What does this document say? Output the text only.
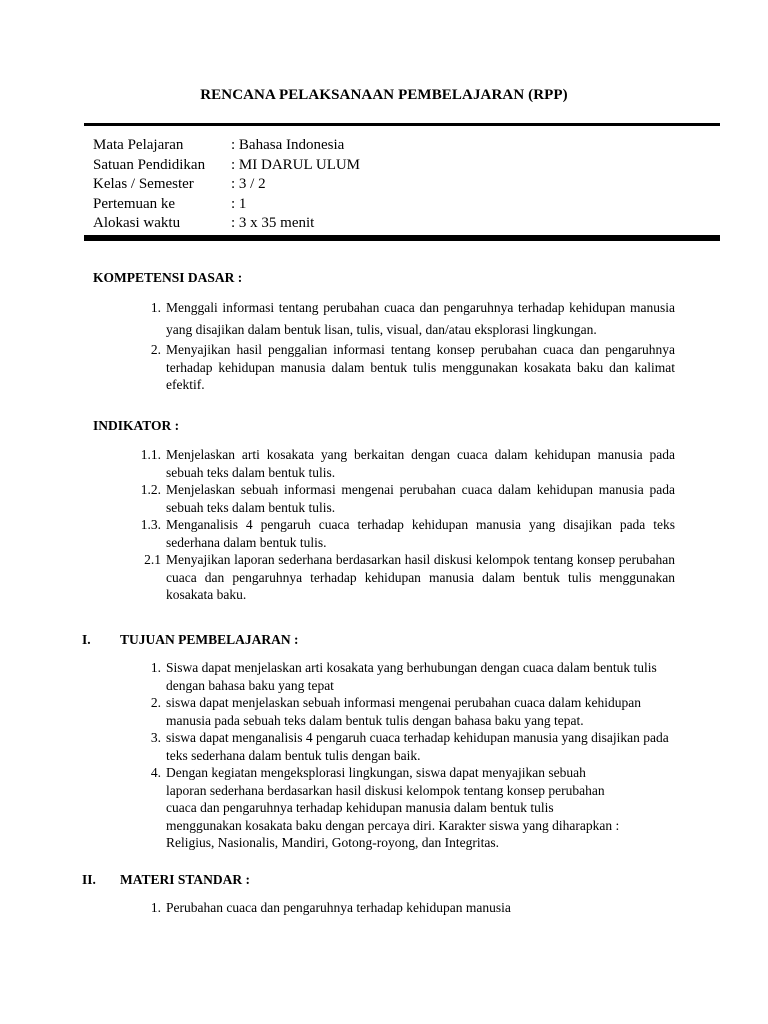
RENCANA PELAKSANAAN PEMBELAJARAN (RPP)
Mata Pelajaran	: Bahasa Indonesia
Satuan Pendidikan : MI DARUL ULUM
Kelas / Semester : 3 / 2
Pertemuan ke	: 1
Alokasi waktu	: 3 x 35 menit
KOMPETENSI DASAR :
1. Menggali informasi tentang perubahan cuaca dan pengaruhnya terhadap kehidupan manusia yang disajikan dalam bentuk lisan, tulis, visual, dan/atau eksplorasi lingkungan.
2. Menyajikan hasil penggalian informasi tentang konsep perubahan cuaca dan pengaruhnya terhadap kehidupan manusia dalam bentuk tulis menggunakan kosakata baku dan kalimat efektif.
INDIKATOR :
1.1. Menjelaskan arti kosakata yang berkaitan dengan cuaca dalam kehidupan manusia pada sebuah teks dalam bentuk tulis.
1.2. Menjelaskan sebuah informasi mengenai perubahan cuaca dalam kehidupan manusia pada sebuah teks dalam bentuk tulis.
1.3. Menganalisis 4 pengaruh cuaca terhadap kehidupan manusia yang disajikan pada teks sederhana dalam bentuk tulis.
2.1 Menyajikan laporan sederhana berdasarkan hasil diskusi kelompok tentang konsep perubahan cuaca dan pengaruhnya terhadap kehidupan manusia dalam bentuk tulis menggunakan kosakata baku.
I. TUJUAN PEMBELAJARAN :
1. Siswa dapat menjelaskan arti kosakata yang berhubungan dengan cuaca dalam bentuk tulis dengan bahasa baku yang tepat
2. siswa dapat menjelaskan sebuah informasi mengenai perubahan cuaca dalam kehidupan manusia pada sebuah teks dalam bentuk tulis dengan bahasa baku yang tepat.
3. siswa dapat menganalisis 4 pengaruh cuaca terhadap kehidupan manusia yang disajikan pada teks sederhana dalam bentuk tulis dengan baik.
4. Dengan kegiatan mengeksplorasi lingkungan, siswa dapat menyajikan sebuah laporan sederhana berdasarkan hasil diskusi kelompok tentang konsep perubahan cuaca dan pengaruhnya terhadap kehidupan manusia dalam bentuk tulis menggunakan kosakata baku dengan percaya diri. Karakter siswa yang diharapkan : Religius, Nasionalis, Mandiri, Gotong-royong, dan Integritas.
II. MATERI STANDAR :
1. Perubahan cuaca dan pengaruhnya terhadap kehidupan manusia
